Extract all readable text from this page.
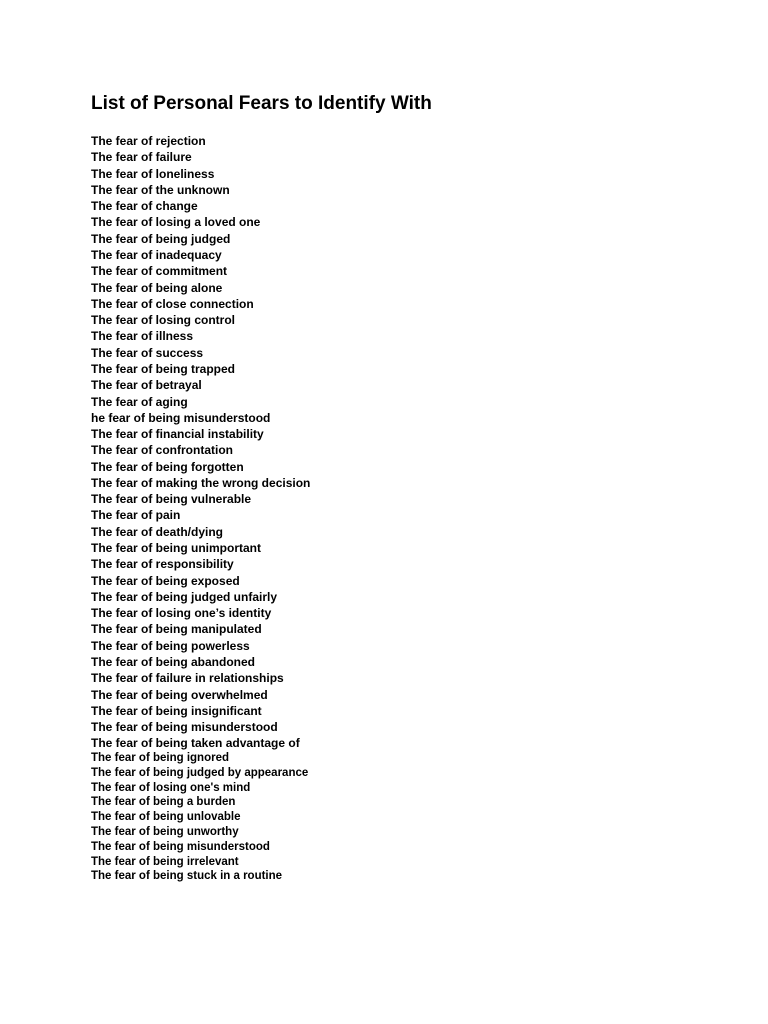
List of Personal Fears to Identify With
The fear of rejection
The fear of failure
The fear of loneliness
The fear of the unknown
The fear of change
The fear of losing a loved one
The fear of being judged
The fear of inadequacy
The fear of commitment
The fear of being alone
The fear of close connection
The fear of losing control
The fear of illness
The fear of success
The fear of being trapped
The fear of betrayal
The fear of aging
he fear of being misunderstood
The fear of financial instability
The fear of confrontation
The fear of being forgotten
The fear of making the wrong decision
The fear of being vulnerable
The fear of pain
The fear of death/dying
The fear of being unimportant
The fear of responsibility
The fear of being exposed
The fear of being judged unfairly
The fear of losing one’s identity
The fear of being manipulated
The fear of being powerless
The fear of being abandoned
The fear of failure in relationships
The fear of being overwhelmed
The fear of being insignificant
The fear of being misunderstood
The fear of being taken advantage of
The fear of being ignored
The fear of being judged by appearance
The fear of losing one's mind
The fear of being a burden
The fear of being unlovable
The fear of being unworthy
The fear of being misunderstood
The fear of being irrelevant
The fear of being stuck in a routine
